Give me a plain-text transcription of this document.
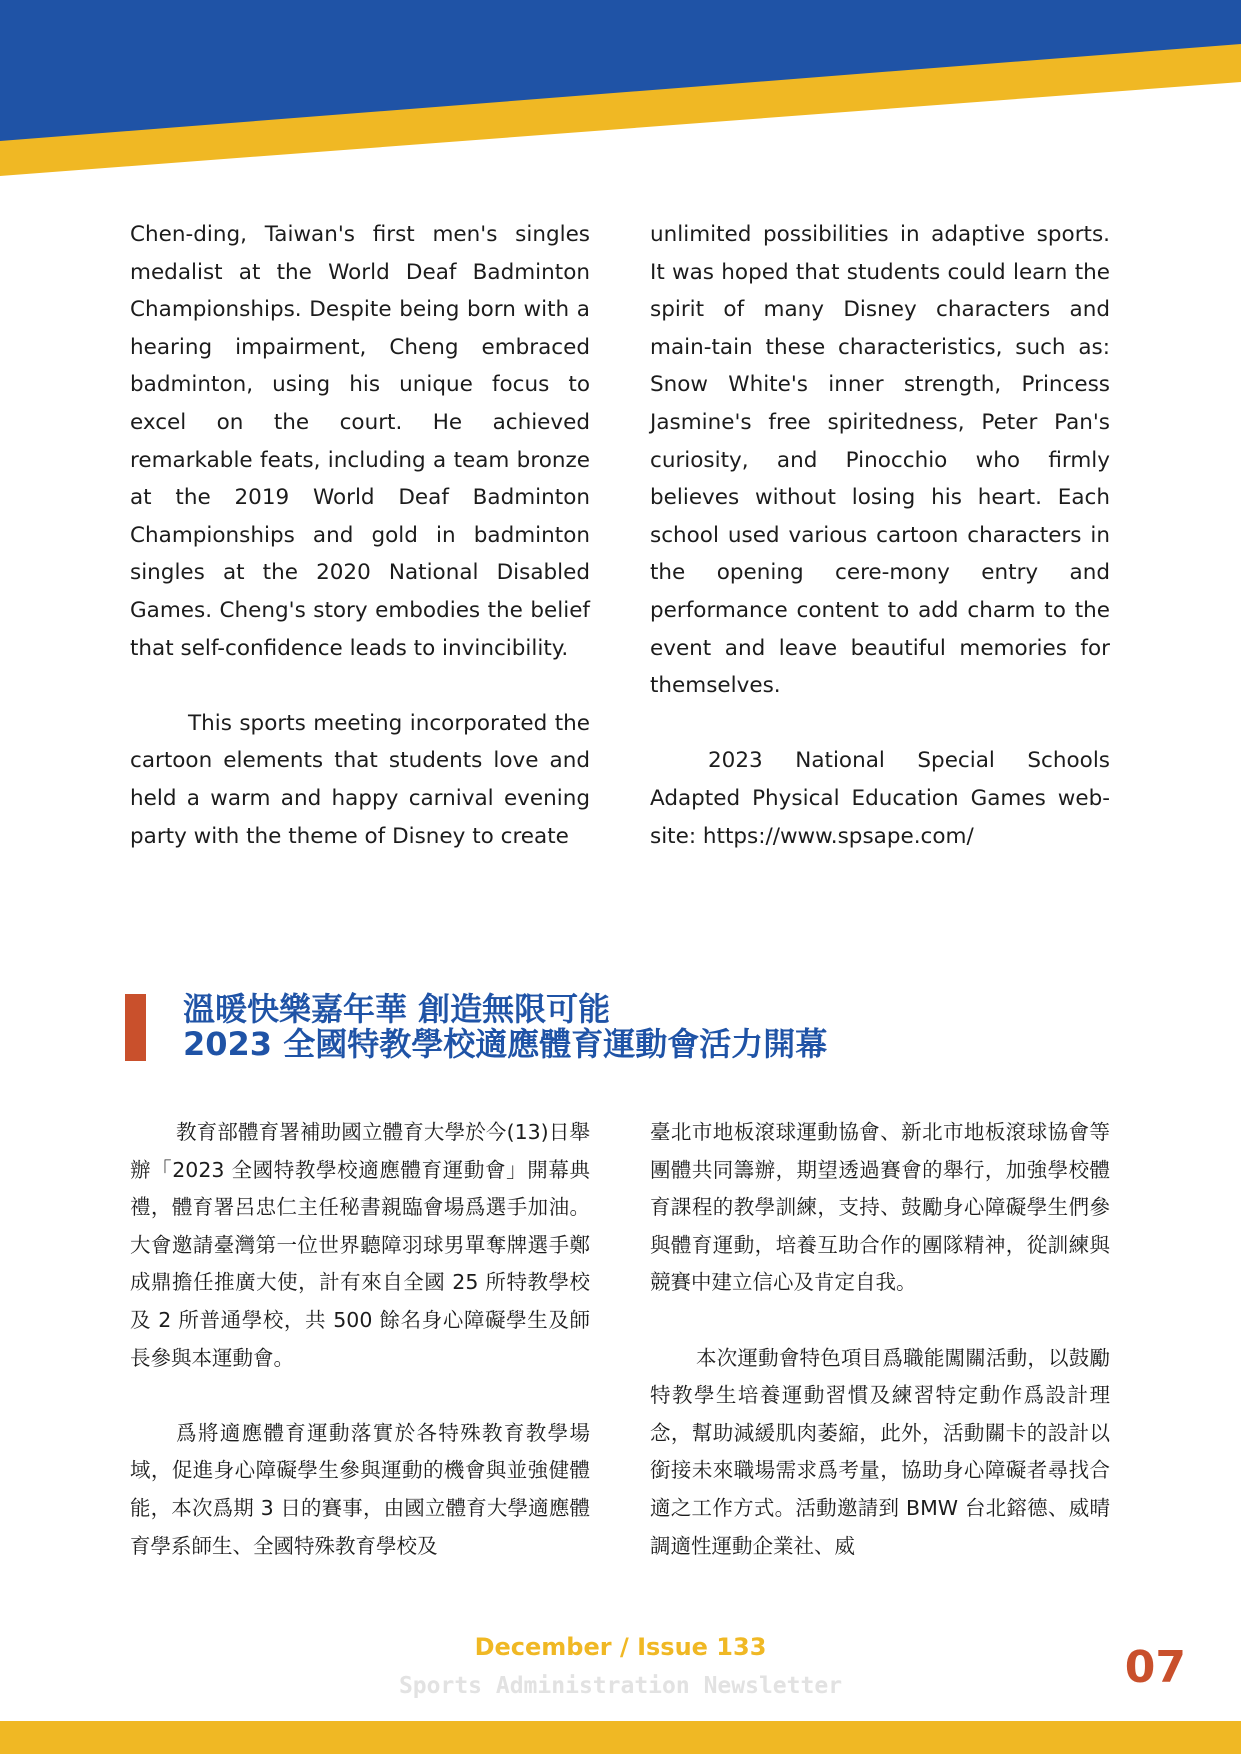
Chen-ding, Taiwan's first men's singles medalist at the World Deaf Badminton Championships. Despite being born with a hearing impairment, Cheng embraced badminton, using his unique focus to excel on the court. He achieved remarkable feats, including a team bronze at the 2019 World Deaf Badminton Championships and gold in badminton singles at the 2020 National Disabled Games. Cheng's story embodies the belief that self-confidence leads to invincibility.

This sports meeting incorporated the cartoon elements that students love and held a warm and happy carnival evening party with the theme of Disney to create

unlimited possibilities in adaptive sports. It was hoped that students could learn the spirit of many Disney characters and main-tain these characteristics, such as: Snow White's inner strength, Princess Jasmine's free spiritedness, Peter Pan's curiosity, and Pinocchio who firmly believes without losing his heart. Each school used various cartoon characters in the opening cere-mony entry and performance content to add charm to the event and leave beautiful memories for themselves.

2023 National Special Schools Adapted Physical Education Games web-site: https://www.spsape.com/

溫暖快樂嘉年華 創造無限可能
2023 全國特教學校適應體育運動會活力開幕

教育部體育署補助國立體育大學於今(13)日舉辦「2023 全國特教學校適應體育運動會」開幕典禮，體育署呂忠仁主任秘書親臨會場爲選手加油。大會邀請臺灣第一位世界聽障羽球男單奪牌選手鄭成鼎擔任推廣大使，計有來自全國 25 所特教學校及 2 所普通學校，共 500 餘名身心障礙學生及師長參與本運動會。

爲將適應體育運動落實於各特殊教育教學場域，促進身心障礙學生參與運動的機會與並強健體能，本次爲期 3 日的賽事，由國立體育大學適應體育學系師生、全國特殊教育學校及

臺北市地板滾球運動協會、新北市地板滾球協會等團體共同籌辦，期望透過賽會的舉行，加強學校體育課程的教學訓練，支持、鼓勵身心障礙學生們參與體育運動，培養互助合作的團隊精神，從訓練與競賽中建立信心及肯定自我。

本次運動會特色項目爲職能闖關活動，以鼓勵特教學生培養運動習慣及練習特定動作爲設計理念，幫助減緩肌肉萎縮，此外，活動關卡的設計以銜接未來職場需求爲考量，協助身心障礙者尋找合適之工作方式。活動邀請到 BMW 台北鎔德、威晴調適性運動企業社、威

December / Issue 133
Sports Administration Newsletter	07
